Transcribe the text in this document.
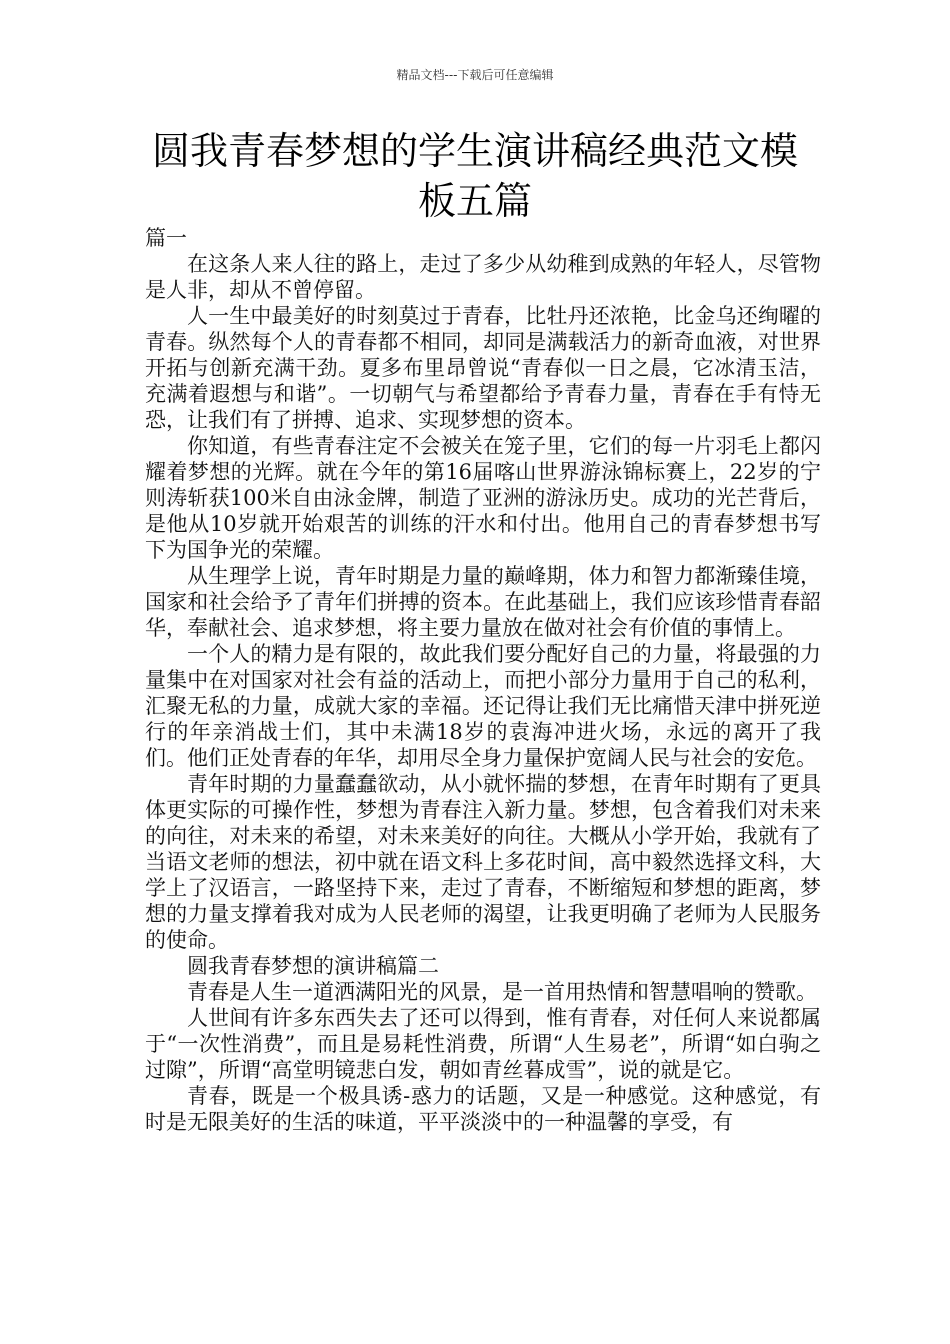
精品文档---下载后可任意编辑
圆我青春梦想的学生演讲稿经典范文模板五篇

篇一

在这条人来人往的路上，走过了多少从幼稚到成熟的年轻人，尽管物是人非，却从不曾停留。

人一生中最美好的时刻莫过于青春，比牡丹还浓艳，比金乌还绚曜的青春。纵然每个人的青春都不相同，却同是满载活力的新奇血液，对世界开拓与创新充满干劲。夏多布里昂曾说“青春似一日之晨，它冰清玉洁，充满着遐想与和谐”。一切朝气与希望都给予青春力量，青春在手有恃无恐，让我们有了拼搏、追求、实现梦想的资本。

你知道，有些青春注定不会被关在笼子里，它们的每一片羽毛上都闪耀着梦想的光辉。就在今年的第16届喀山世界游泳锦标赛上，22岁的宁则涛斩获100米自由泳金牌，制造了亚洲的游泳历史。成功的光芒背后，是他从10岁就开始艰苦的训练的汗水和付出。他用自己的青春梦想书写下为国争光的荣耀。

从生理学上说，青年时期是力量的巅峰期，体力和智力都渐臻佳境，国家和社会给予了青年们拼搏的资本。在此基础上，我们应该珍惜青春韶华，奉献社会、追求梦想，将主要力量放在做对社会有价值的事情上。

一个人的精力是有限的，故此我们要分配好自己的力量，将最强的力量集中在对国家对社会有益的活动上，而把小部分力量用于自己的私利，汇聚无私的力量，成就大家的幸福。还记得让我们无比痛惜天津中拼死逆行的年亲消战士们，其中未满18岁的袁海冲进火场，永远的离开了我们。他们正处青春的年华，却用尽全身力量保护宽阔人民与社会的安危。

青年时期的力量蠢蠢欲动，从小就怀揣的梦想，在青年时期有了更具体更实际的可操作性，梦想为青春注入新力量。梦想，包含着我们对未来的向往，对未来的希望，对未来美好的向往。大概从小学开始，我就有了当语文老师的想法，初中就在语文科上多花时间，高中毅然选择文科，大学上了汉语言，一路坚持下来，走过了青春，不断缩短和梦想的距离，梦想的力量支撑着我对成为人民老师的渴望，让我更明确了老师为人民服务的使命。

圆我青春梦想的演讲稿篇二

青春是人生一道洒满阳光的风景，是一首用热情和智慧唱响的赞歌。

人世间有许多东西失去了还可以得到，惟有青春，对任何人来说都属于“一次性消费”，而且是易耗性消费，所谓“人生易老”，所谓“如白驹之过隙”，所谓“高堂明镜悲白发，朝如青丝暮成雪”，说的就是它。

青春，既是一个极具诱-惑力的话题，又是一种感觉。这种感觉，有时是无限美好的生活的味道，平平淡淡中的一种温馨的享受，有
